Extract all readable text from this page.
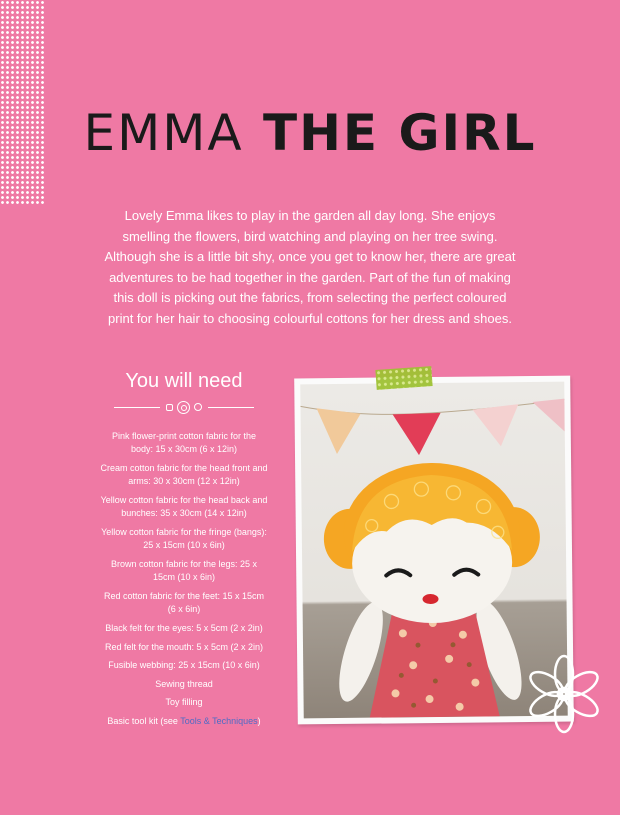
EMMA THE GIRL

Lovely Emma likes to play in the garden all day long. She enjoys smelling the flowers, bird watching and playing on her tree swing. Although she is a little bit shy, once you get to know her, there are great adventures to be had together in the garden. Part of the fun of making this doll is picking out the fabrics, from selecting the perfect coloured print for her hair to choosing colourful cottons for her dress and shoes.

You will need
Pink flower-print cotton fabric for the body: 15 x 30cm (6 x 12in)
Cream cotton fabric for the head front and arms: 30 x 30cm (12 x 12in)
Yellow cotton fabric for the head back and bunches: 35 x 30cm (14 x 12in)
Yellow cotton fabric for the fringe (bangs): 25 x 15cm (10 x 6in)
Brown cotton fabric for the legs: 25 x 15cm (10 x 6in)
Red cotton fabric for the feet: 15 x 15cm (6 x 6in)
Black felt for the eyes: 5 x 5cm (2 x 2in)
Red felt for the mouth: 5 x 5cm (2 x 2in)
Fusible webbing: 25 x 15cm (10 x 6in)
Sewing thread
Toy filling
Basic tool kit (see Tools & Techniques)
